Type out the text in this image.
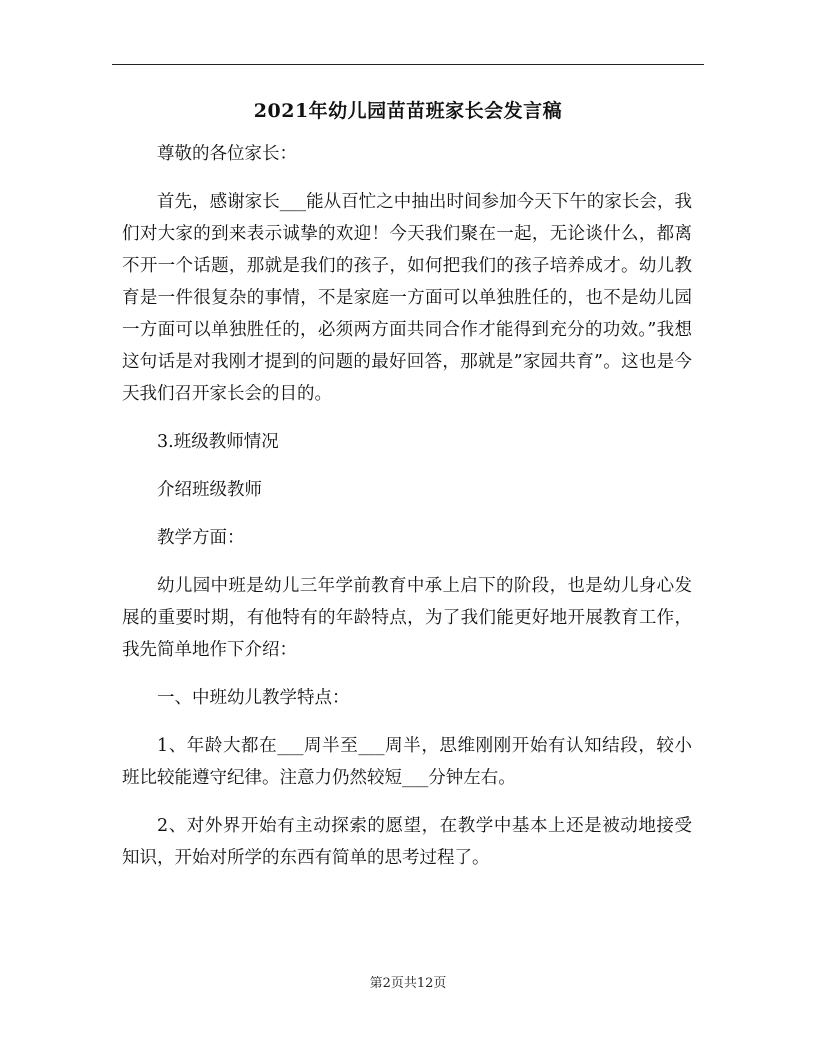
2021年幼儿园苗苗班家长会发言稿

尊敬的各位家长：

首先，感谢家长___能从百忙之中抽出时间参加今天下午的家长会，我们对大家的到来表示诚挚的欢迎！今天我们聚在一起，无论谈什么，都离不开一个话题，那就是我们的孩子，如何把我们的孩子培养成才。幼儿教育是一件很复杂的事情，不是家庭一方面可以单独胜任的，也不是幼儿园一方面可以单独胜任的，必须两方面共同合作才能得到充分的功效。”我想这句话是对我刚才提到的问题的最好回答，那就是”家园共育”。这也是今天我们召开家长会的目的。

3.班级教师情况

介绍班级教师

教学方面：

幼儿园中班是幼儿三年学前教育中承上启下的阶段，也是幼儿身心发展的重要时期，有他特有的年龄特点，为了我们能更好地开展教育工作，我先简单地作下介绍：

一、中班幼儿教学特点：

1、年龄大都在___周半至___周半，思维刚刚开始有认知结段，较小班比较能遵守纪律。注意力仍然较短___分钟左右。

2、对外界开始有主动探索的愿望，在教学中基本上还是被动地接受知识，开始对所学的东西有简单的思考过程了。

第2页共12页
